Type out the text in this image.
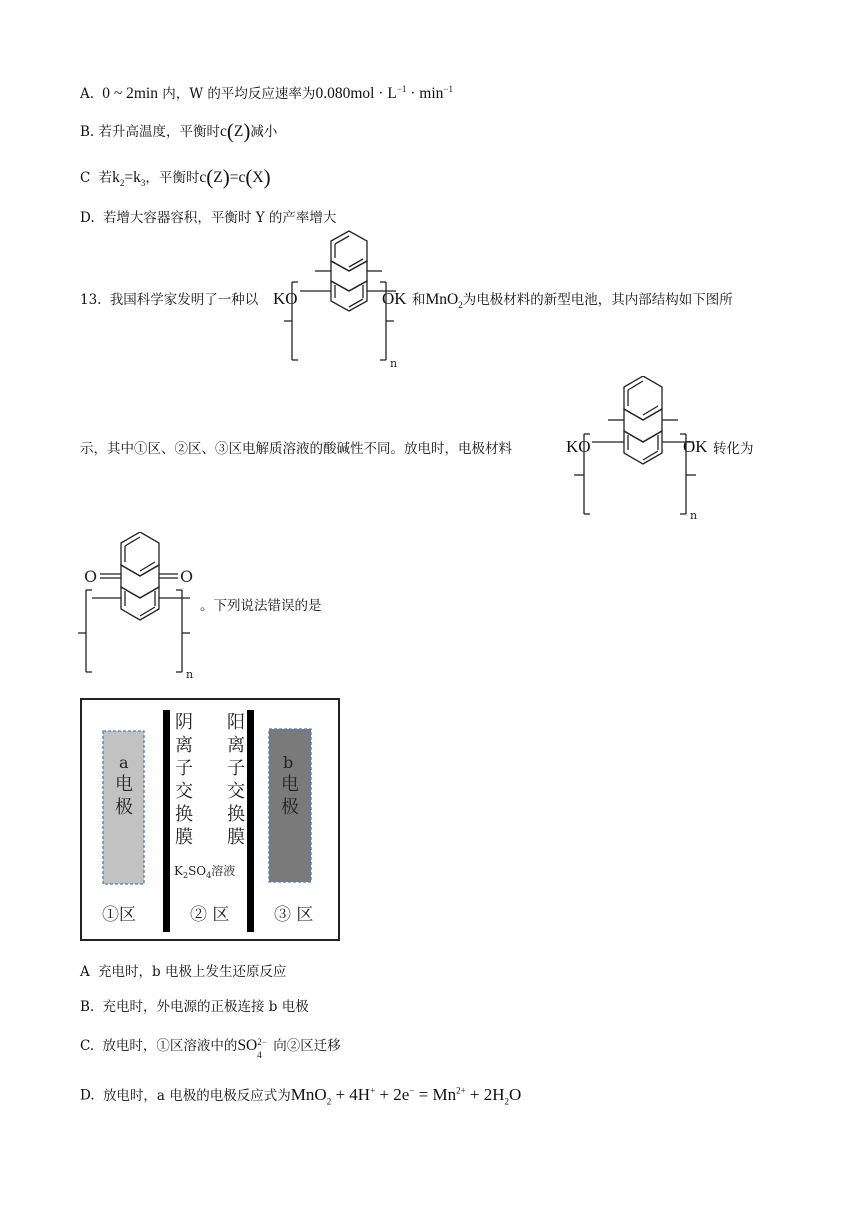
A.  0 ~ 2min 内，W 的平均反应速率为$0.080mol \cdot L^{-1} \cdot \min^{-1}$
B. 若升高温度，平衡时c(Z)减小
C 若$k_2=k_3$，平衡时c(Z)=c(X)
D. 若增大容器容积，平衡时 Y 的产率增大
13. 我国科学家发明了一种以 KO	OK 和MnO$_2$为电极材料的新型电池，其内部结构如下图所
n
示，其中①区、②区、③区电解质溶液的酸碱性不同。放电时，电极材料	KO	OK 转化为
n
O	O
n
。下列说法错误的是
a
电
极
b
电
极
阴
离
子
交
换
膜
阳
离
子
交
换
膜
$K_2SO_4$溶液
①区	② 区	③ 区
A 充电时，b 电极上发生还原反应
B. 充电时，外电源的正极连接 b 电极
C. 放电时，①区溶液中的SO 2−
4
向②区迁移
D. 放电时，a 电极的电极反应式为$MnO_2 + 4H^+ + 2e^- = Mn^{2+} + 2H_2O$
